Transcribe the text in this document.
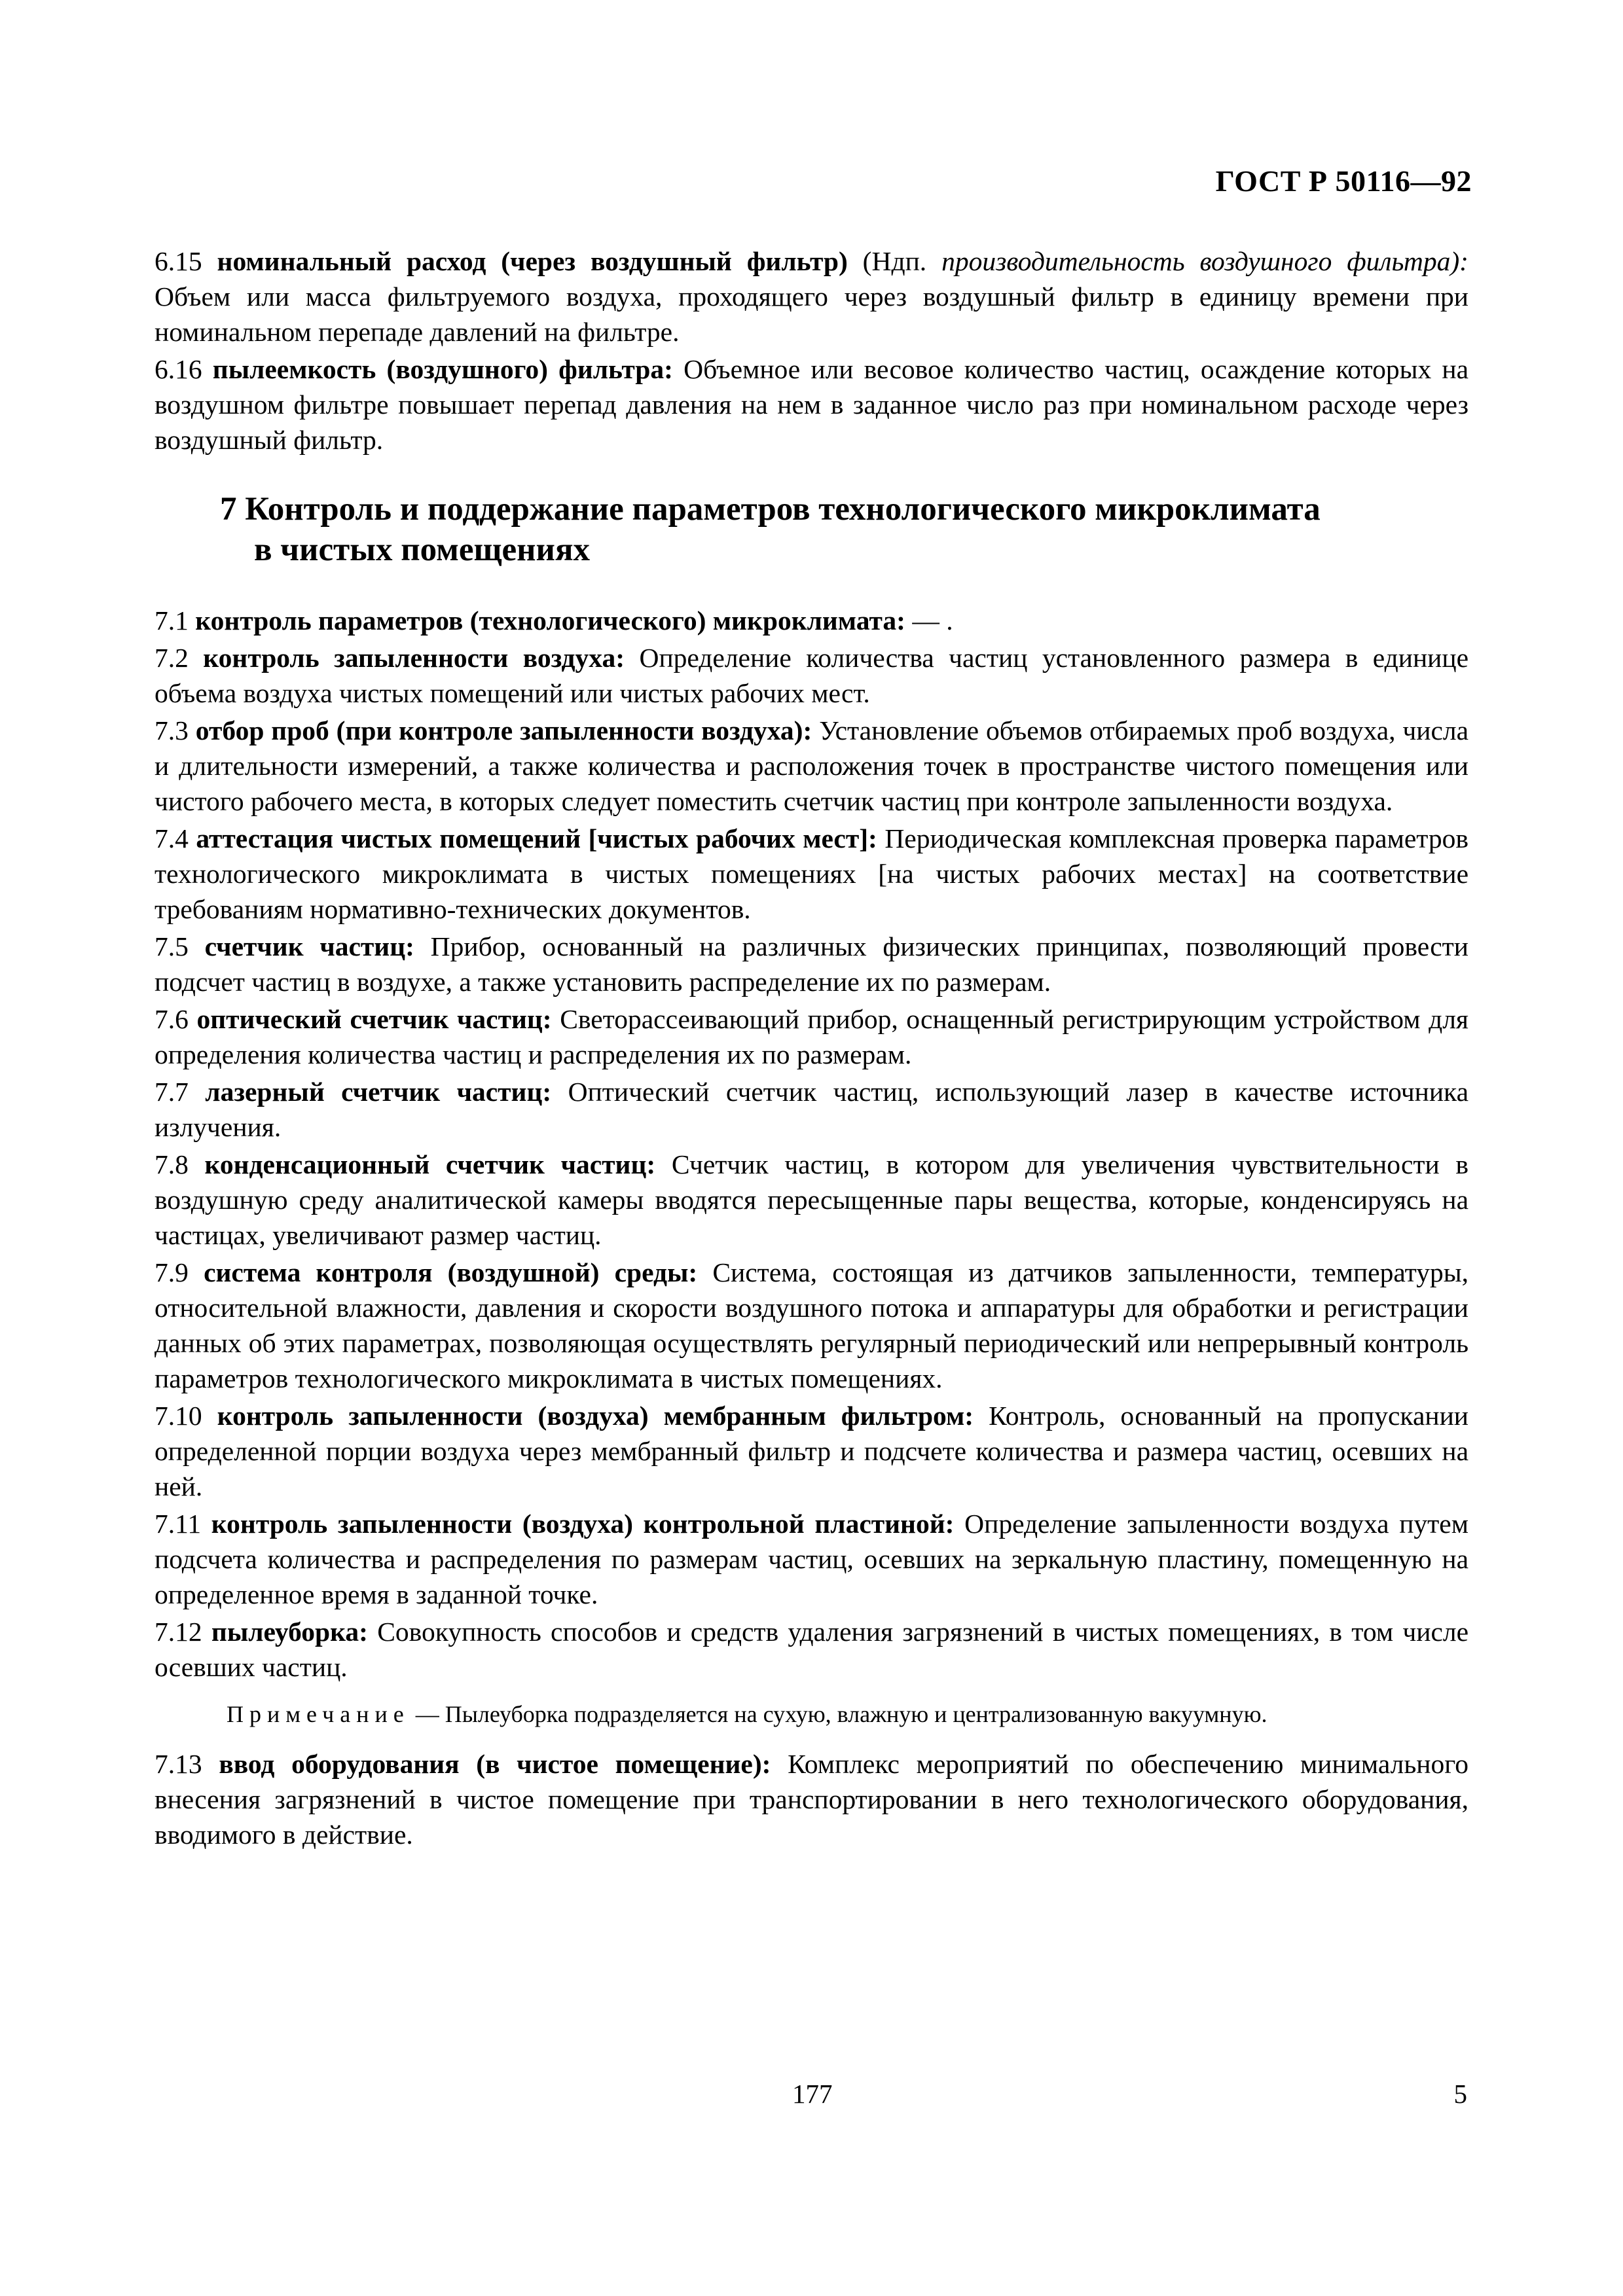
ГОСТ Р 50116—92

6.15 номинальный расход (через воздушный фильтр) (Ндп. производительность воздушного фильтра): Объем или масса фильтруемого воздуха, проходящего через воздушный фильтр в единицу времени при номинальном перепаде давлений на фильтре.

6.16 пылеемкость (воздушного) фильтра: Объемное или весовое количество частиц, осаждение которых на воздушном фильтре повышает перепад давления на нем в заданное число раз при номинальном расходе через воздушный фильтр.

7 Контроль и поддержание параметров технологического микроклимата
в чистых помещениях

7.1 контроль параметров (технологического) микроклимата: — .

7.2 контроль запыленности воздуха: Определение количества частиц установленного размера в единице объема воздуха чистых помещений или чистых рабочих мест.

7.3 отбор проб (при контроле запыленности воздуха): Установление объемов отбираемых проб воздуха, числа и длительности измерений, а также количества и расположения точек в пространстве чистого помещения или чистого рабочего места, в которых следует поместить счетчик частиц при контроле запыленности воздуха.

7.4 аттестация чистых помещений [чистых рабочих мест]: Периодическая комплексная проверка параметров технологического микроклимата в чистых помещениях [на чистых рабочих местах] на соответствие требованиям нормативно-технических документов.

7.5 счетчик частиц: Прибор, основанный на различных физических принципах, позволяющий провести подсчет частиц в воздухе, а также установить распределение их по размерам.

7.6 оптический счетчик частиц: Светорассеивающий прибор, оснащенный регистрирующим устройством для определения количества частиц и распределения их по размерам.

7.7 лазерный счетчик частиц: Оптический счетчик частиц, использующий лазер в качестве источника излучения.

7.8 конденсационный счетчик частиц: Счетчик частиц, в котором для увеличения чувствительности в воздушную среду аналитической камеры вводятся пересыщенные пары вещества, которые, конденсируясь на частицах, увеличивают размер частиц.

7.9 система контроля (воздушной) среды: Система, состоящая из датчиков запыленности, температуры, относительной влажности, давления и скорости воздушного потока и аппаратуры для обработки и регистрации данных об этих параметрах, позволяющая осуществлять регулярный периодический или непрерывный контроль параметров технологического микроклимата в чистых помещениях.

7.10 контроль запыленности (воздуха) мембранным фильтром: Контроль, основанный на пропускании определенной порции воздуха через мембранный фильтр и подсчете количества и размера частиц, осевших на ней.

7.11 контроль запыленности (воздуха) контрольной пластиной: Определение запыленности воздуха путем подсчета количества и распределения по размерам частиц, осевших на зеркальную пластину, помещенную на определенное время в заданной точке.

7.12 пылеуборка: Совокупность способов и средств удаления загрязнений в чистых помещениях, в том числе осевших частиц.

Примечание — Пылеуборка подразделяется на сухую, влажную и централизованную вакуумную.

7.13 ввод оборудования (в чистое помещение): Комплекс мероприятий по обеспечению минимального внесения загрязнений в чистое помещение при транспортировании в него технологического оборудования, вводимого в действие.

177	5
